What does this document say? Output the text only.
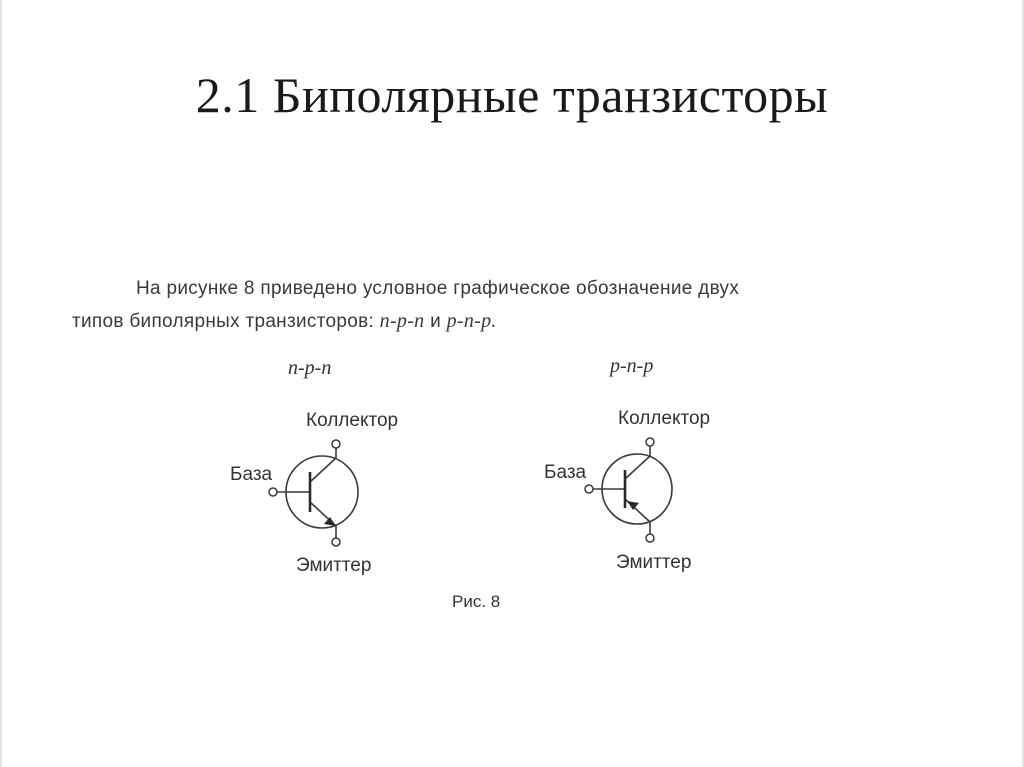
2.1 Биполярные транзисторы

На рисунке 8 приведено условное графическое обозначение двух

типов биполярных транзисторов: n-p-n и p-n-p.

n-p-n
Коллектор
База
Эмиттер
p-n-p
Коллектор
База
Эмиттер
Рис. 8
